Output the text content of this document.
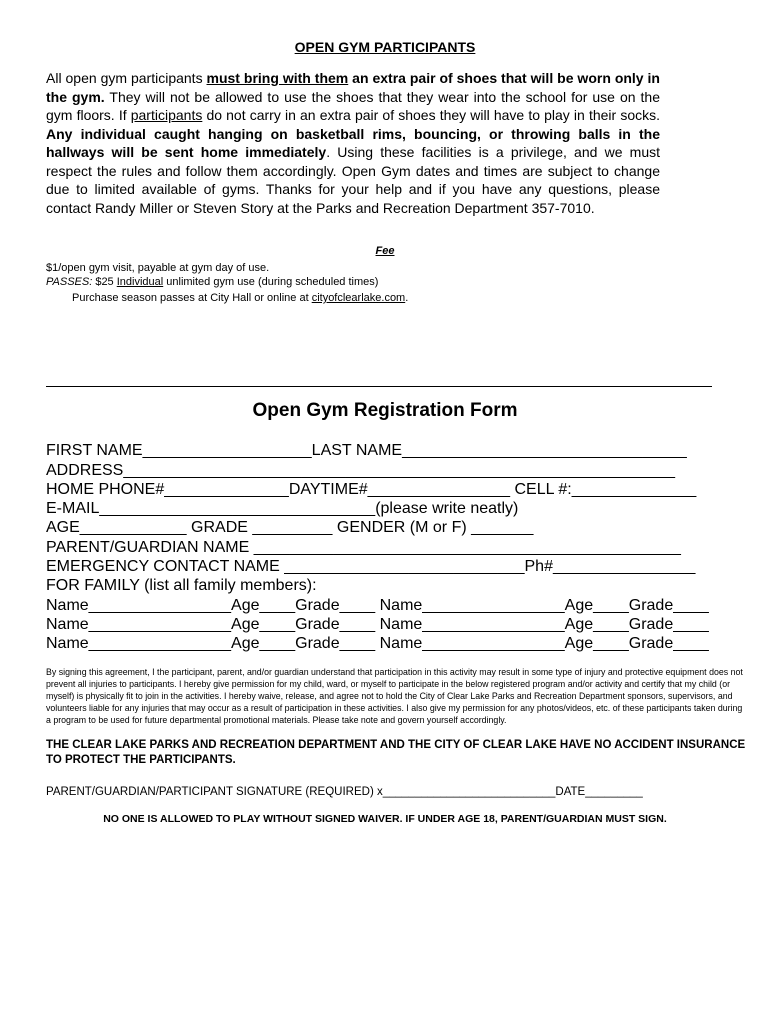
OPEN GYM PARTICIPANTS
All open gym participants must bring with them an extra pair of shoes that will be worn only in the gym. They will not be allowed to use the shoes that they wear into the school for use on the gym floors. If participants do not carry in an extra pair of shoes they will have to play in their socks. Any individual caught hanging on basketball rims, bouncing, or throwing balls in the hallways will be sent home immediately. Using these facilities is a privilege, and we must respect the rules and follow them accordingly. Open Gym dates and times are subject to change due to limited available of gyms. Thanks for your help and if you have any questions, please contact Randy Miller or Steven Story at the Parks and Recreation Department 357-7010.
Fee
$1/open gym visit, payable at gym day of use.
PASSES: $25 Individual unlimited gym use (during scheduled times)
Purchase season passes at City Hall or online at cityofclearlake.com.
Open Gym Registration Form
FIRST NAME___________________LAST NAME________________________________
ADDRESS______________________________________________________________
HOME PHONE#______________DAYTIME#________________ CELL #:______________
E-MAIL_______________________________(please write neatly)
AGE____________ GRADE _________ GENDER (M or F) _______
PARENT/GUARDIAN NAME ________________________________________________
EMERGENCY CONTACT NAME ___________________________Ph#________________
FOR FAMILY (list all family members):
Name________________Age____Grade____ Name________________Age____Grade____
Name________________Age____Grade____ Name________________Age____Grade____
Name________________Age____Grade____ Name________________Age____Grade____
By signing this agreement, I the participant, parent, and/or guardian understand that participation in this activity may result in some type of injury and protective equipment does not prevent all injuries to participants. I hereby give permission for my child, ward, or myself to participate in the below registered program and/or activity and certify that my child (or myself) is physically fit to join in the activities. I hereby waive, release, and agree not to hold the City of Clear Lake Parks and Recreation Department sponsors, supervisors, and volunteers liable for any injuries that may occur as a result of participation in these activities. I also give my permission for any photos/videos, etc. of these participants taken during a program to be used for future departmental promotional materials. Please take note and govern yourself accordingly.
THE CLEAR LAKE PARKS AND RECREATION DEPARTMENT AND THE CITY OF CLEAR LAKE HAVE NO ACCIDENT INSURANCE TO PROTECT THE PARTICIPANTS.
PARENT/GUARDIAN/PARTICIPANT SIGNATURE (REQUIRED) x___________________________DATE_________
NO ONE IS ALLOWED TO PLAY WITHOUT SIGNED WAIVER. IF UNDER AGE 18, PARENT/GUARDIAN MUST SIGN.
